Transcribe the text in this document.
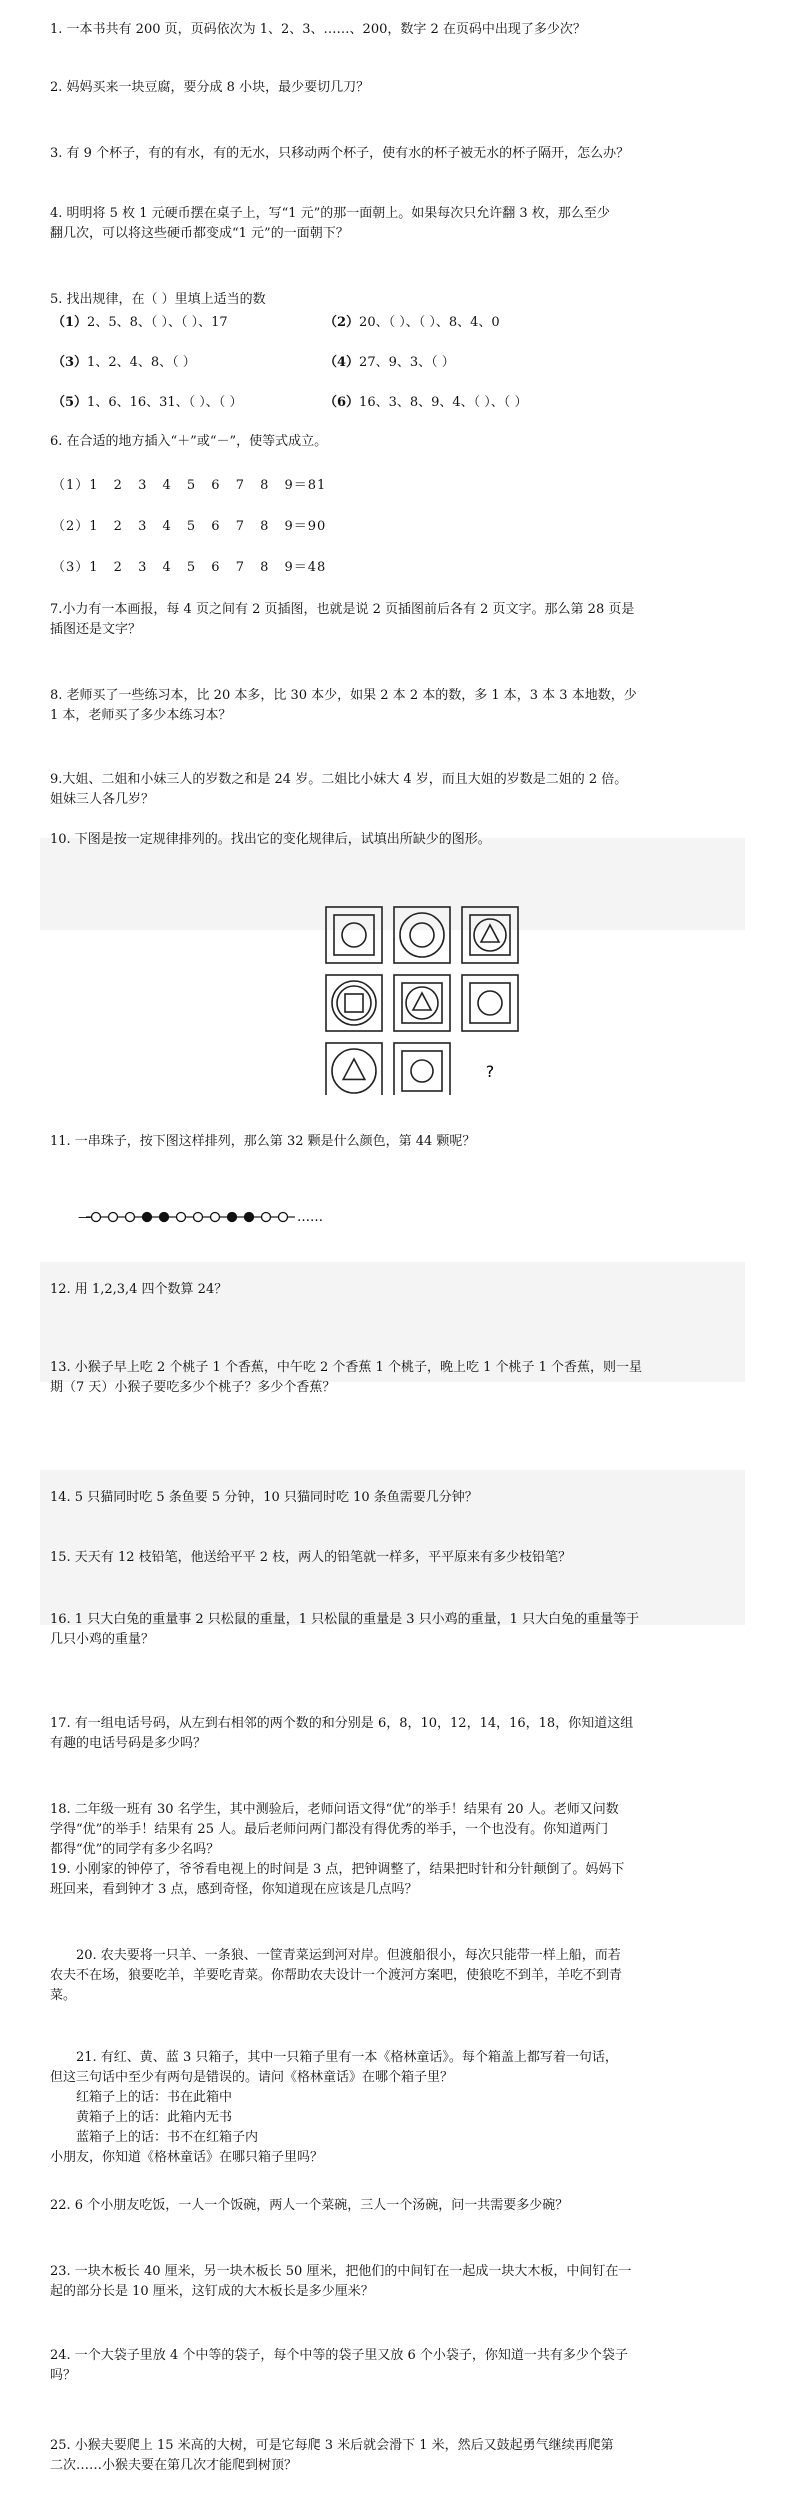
1. 一本书共有 200 页，页码依次为 1、2、3、……、200，数字 2 在页码中出现了多少次？
2. 妈妈买来一块豆腐，要分成 8 小块，最少要切几刀？
3. 有 9 个杯子，有的有水，有的无水，只移动两个杯子，使有水的杯子被无水的杯子隔开，怎么办？
4. 明明将 5 枚 1 元硬币摆在桌子上，写“1 元”的那一面朝上。如果每次只允许翻 3 枚，那么至少
翻几次，可以将这些硬币都变成“1 元”的一面朝下？
5. 找出规律，在（ ）里填上适当的数
（1）2、5、8、（ ）、（ ）、17	（2）20、（ ）、（ ）、8、4、0
（3）1、2、4、8、（ ）	（4）27、9、3、（ ）
（5）1、6、16、31、（ ）、（ ）	（6）16、3、8、9、4、（ ）、（ ）
6. 在合适的地方插入“＋”或“－”，使等式成立。
（1）1 2 3 4 5 6 7 8 9＝81
（2）1 2 3 4 5 6 7 8 9＝90
（3）1 2 3 4 5 6 7 8 9＝48
7.小力有一本画报，每 4 页之间有 2 页插图，也就是说 2 页插图前后各有 2 页文字。那么第 28 页是
插图还是文字？
8. 老师买了一些练习本，比 20 本多，比 30 本少，如果 2 本 2 本的数，多 1 本，3 本 3 本地数，少
1 本，老师买了多少本练习本？
9.大姐、二姐和小妹三人的岁数之和是 24 岁。二姐比小妹大 4 岁，而且大姐的岁数是二姐的 2 倍。
姐妹三人各几岁？
10. 下图是按一定规律排列的。找出它的变化规律后，试填出所缺少的图形。
?
11. 一串珠子，按下图这样排列，那么第 32 颗是什么颜色，第 44 颗呢？
—	……
12. 用 1,2,3,4 四个数算 24？
13. 小猴子早上吃 2 个桃子 1 个香蕉，中午吃 2 个香蕉 1 个桃子，晚上吃 1 个桃子 1 个香蕉，则一星
期（7 天）小猴子要吃多少个桃子？多少个香蕉？
14. 5 只猫同时吃 5 条鱼要 5 分钟，10 只猫同时吃 10 条鱼需要几分钟？
15. 天天有 12 枝铅笔，他送给平平 2 枝，两人的铅笔就一样多，平平原来有多少枝铅笔？
16. 1 只大白兔的重量事 2 只松鼠的重量，1 只松鼠的重量是 3 只小鸡的重量，1 只大白兔的重量等于
几只小鸡的重量？
17. 有一组电话号码，从左到右相邻的两个数的和分别是 6，8，10，12，14，16，18，你知道这组
有趣的电话号码是多少吗？
18. 二年级一班有 30 名学生，其中测验后，老师问语文得“优”的举手！结果有 20 人。老师又问数
学得“优”的举手！结果有 25 人。最后老师问两门都没有得优秀的举手，一个也没有。你知道两门
都得“优”的同学有多少名吗？
19. 小刚家的钟停了，爷爷看电视上的时间是 3 点，把钟调整了，结果把时针和分针颠倒了。妈妈下
班回来，看到钟才 3 点，感到奇怪，你知道现在应该是几点吗？
20. 农夫要将一只羊、一条狼、一筐青菜运到河对岸。但渡船很小，每次只能带一样上船，而若
农夫不在场，狼要吃羊，羊要吃青菜。你帮助农夫设计一个渡河方案吧，使狼吃不到羊，羊吃不到青
菜。
21. 有红、黄、蓝 3 只箱子，其中一只箱子里有一本《格林童话》。每个箱盖上都写着一句话，
但这三句话中至少有两句是错误的。请问《格林童话》在哪个箱子里？
红箱子上的话：书在此箱中
黄箱子上的话：此箱内无书
蓝箱子上的话：书不在红箱子内
小朋友，你知道《格林童话》在哪只箱子里吗？
22. 6 个小朋友吃饭，一人一个饭碗，两人一个菜碗，三人一个汤碗，问一共需要多少碗？
23. 一块木板长 40 厘米，另一块木板长 50 厘米，把他们的中间钉在一起成一块大木板，中间钉在一
起的部分长是 10 厘米，这钉成的大木板长是多少厘米？
24. 一个大袋子里放 4 个中等的袋子，每个中等的袋子里又放 6 个小袋子，你知道一共有多少个袋子
吗？
25. 小猴夫要爬上 15 米高的大树，可是它每爬 3 米后就会滑下 1 米，然后又鼓起勇气继续再爬第
二次……小猴夫要在第几次才能爬到树顶？
